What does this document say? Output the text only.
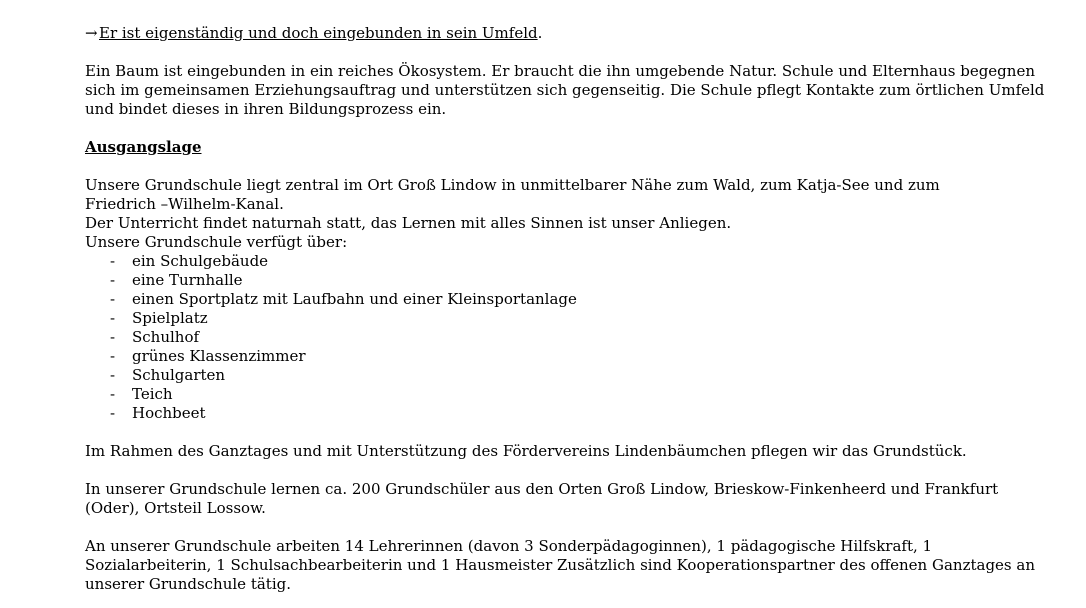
→Er ist eigenständig und doch eingebunden in sein Umfeld.

Ein Baum ist eingebunden in ein reiches Ökosystem. Er braucht die ihn umgebende Natur. Schule und Elternhaus begegnen sich im gemeinsamen Erziehungsauftrag und unterstützen sich gegenseitig. Die Schule pflegt Kontakte zum örtlichen Umfeld und bindet dieses in ihren Bildungsprozess ein.

Ausgangslage

Unsere Grundschule liegt zentral im Ort Groß Lindow in unmittelbarer Nähe zum Wald, zum Katja-See und zum

Friedrich –Wilhelm-Kanal.

Der Unterricht findet naturnah statt, das Lernen mit alles Sinnen ist unser Anliegen.

Unsere Grundschule verfügt über:

- ein Schulgebäude
- eine Turnhalle
- einen Sportplatz mit Laufbahn und einer Kleinsportanlage
- Spielplatz
- Schulhof
- grünes Klassenzimmer
- Schulgarten
- Teich
- Hochbeet

Im Rahmen des Ganztages und mit Unterstützung des Fördervereins Lindenbäumchen pflegen wir das Grundstück.

In unserer Grundschule lernen ca. 200 Grundschüler aus den Orten Groß Lindow, Brieskow-Finkenheerd und Frankfurt (Oder), Ortsteil Lossow.

An unserer Grundschule arbeiten 14 Lehrerinnen (davon 3 Sonderpädagoginnen), 1 pädagogische Hilfskraft, 1 Sozialarbeiterin, 1 Schulsachbearbeiterin und 1 Hausmeister Zusätzlich sind Kooperationspartner des offenen Ganztages an unserer Grundschule tätig.
